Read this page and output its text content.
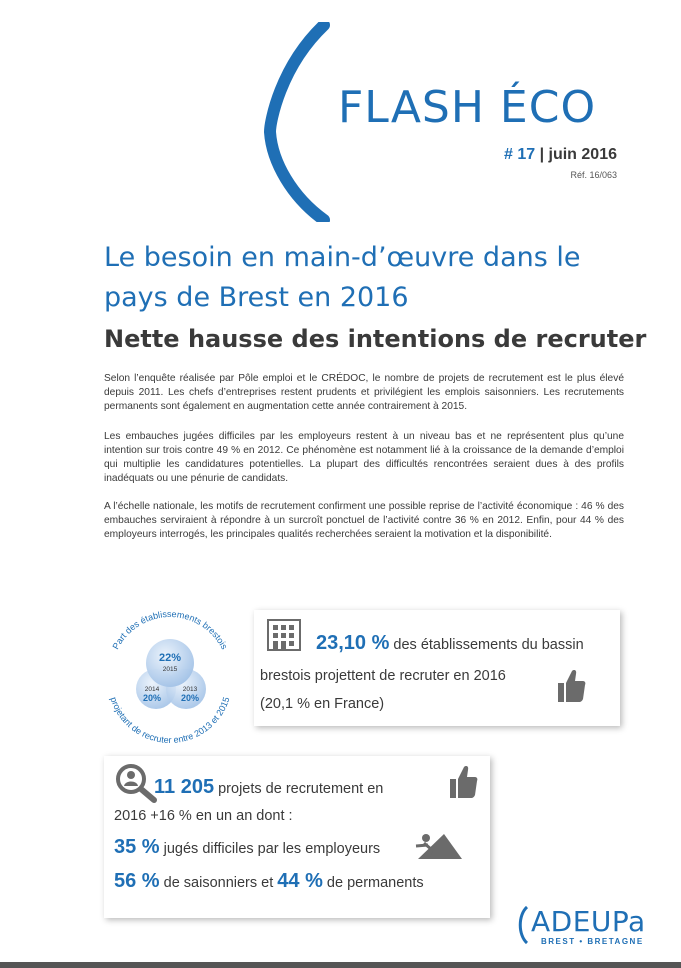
FLASH ÉCO
# 17 | juin 2016
Réf. 16/063
Le besoin en main-d’œuvre dans le
pays de Brest en 2016
Nette hausse des intentions de recruter

Selon l’enquête réalisée par Pôle emploi et le CRÉDOC, le nombre de projets de recrutement est le plus élevé depuis 2011. Les chefs d’entreprises restent prudents et privilégient les emplois saisonniers. Les recrutements permanents sont également en augmentation cette année contrairement à 2015.

Les embauches jugées difficiles par les employeurs restent à un niveau bas et ne représentent plus qu’une intention sur trois contre 49 % en 2012. Ce phénomène est notamment lié à la croissance de la demande d’emploi qui multiplie les candidatures potentielles. La plupart des difficultés rencontrées seraient dues à des profils inadéquats ou une pénurie de candidats.

A l’échelle nationale, les motifs de recrutement confirment une possible reprise de l’activité économique : 46 % des embauches serviraient à répondre à un surcroît ponctuel de l’activité contre 36 % en 2012. Enfin, pour 44 % des employeurs interrogés, les principales qualités recherchées seraient la motivation et la disponibilité.

Part des établissements brestois
projetant de recruter entre 2013 et 2015
22%
2015
2014
20%
2013
20%
23,10 % des établissements du bassin
brestois projettent de recruter en 2016
(20,1 % en France)
11 205 projets de recrutement en
2016 +16 % en un an dont :
35 % jugés difficiles par les employeurs
56 % de saisonniers et 44 % de permanents
ADEUPa
BREST • BRETAGNE
